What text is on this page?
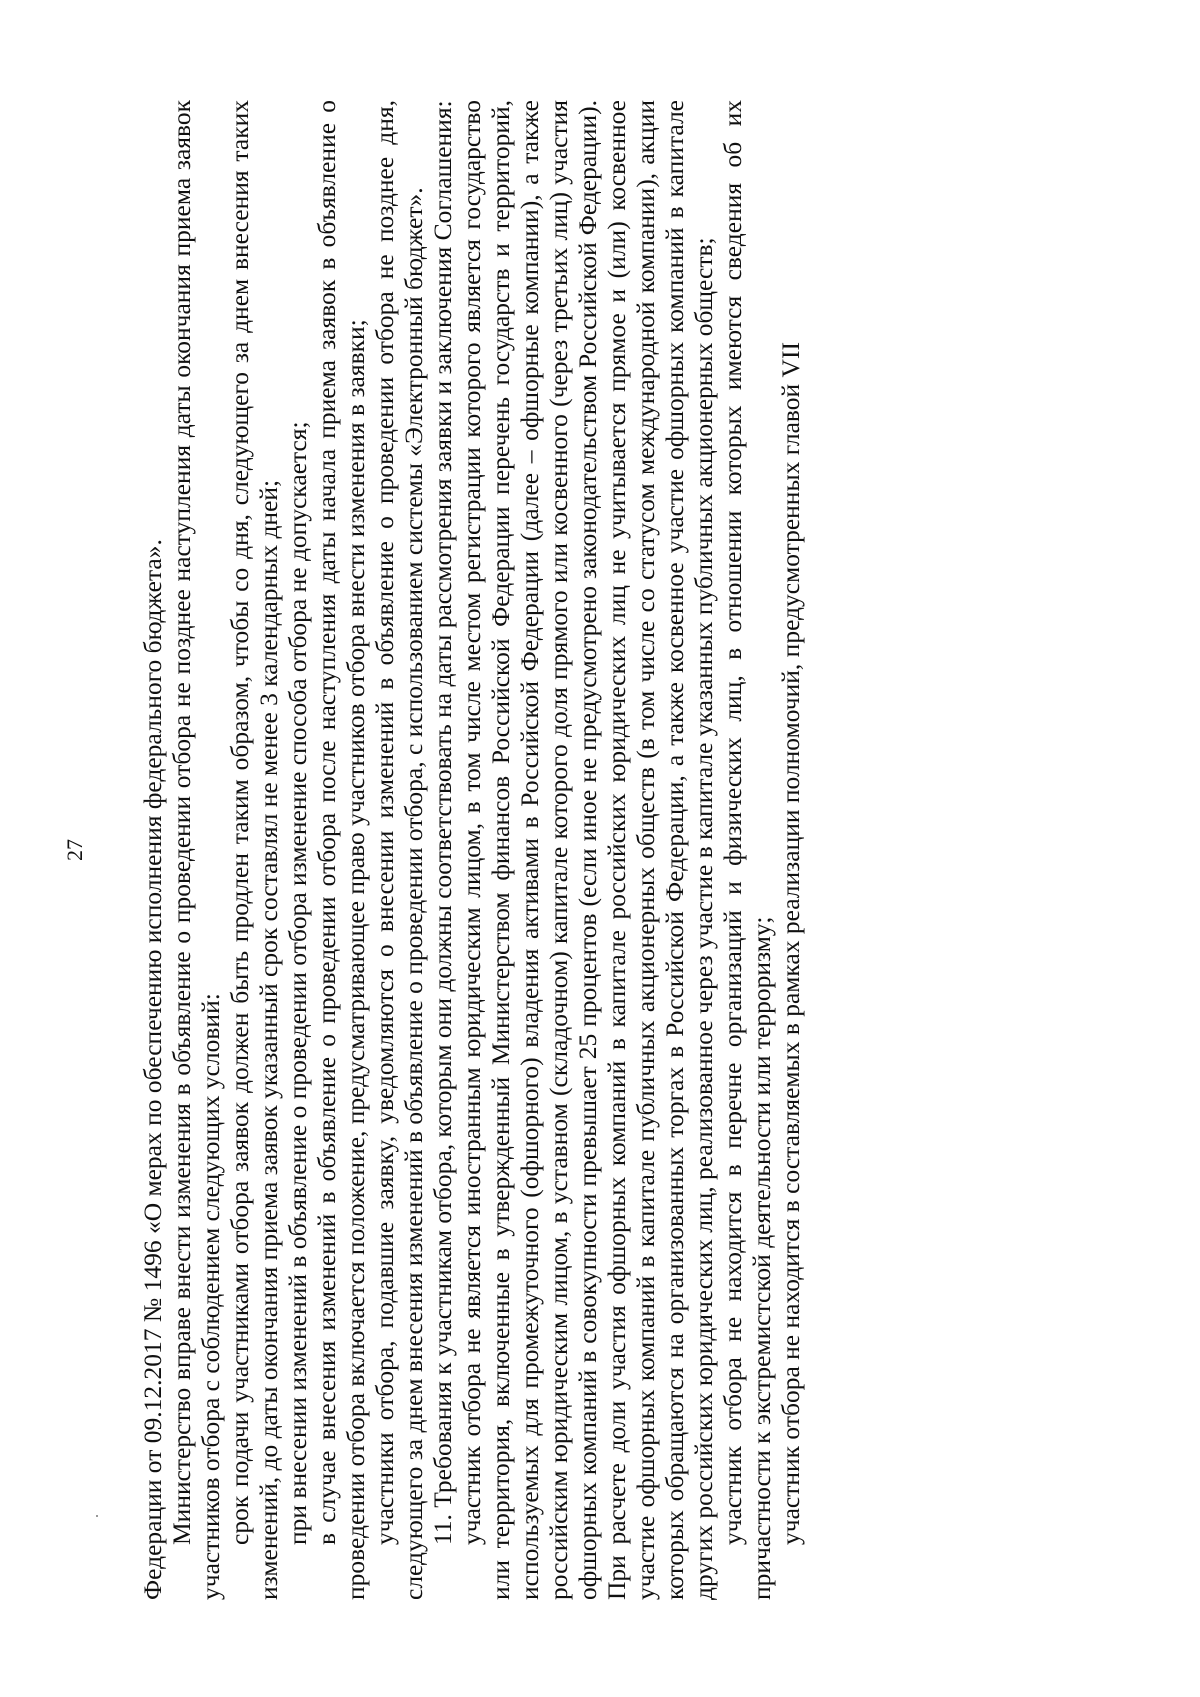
27 Федерации от 09.12.2017 № 1496 «О мерах по обеспечению исполнения федерального бюджета». Министерство вправе внести изменения в объявление о проведении отбора не позднее наступления даты окончания приема заявок участников отбора с соблюдением следующих условий: срок подачи участниками отбора заявок должен быть продлен таким образом, чтобы со дня, следующего за днем внесения таких изменений, до даты окончания приема заявок указанный срок составлял не менее 3 календарных дней; при внесении изменений в объявление о проведении отбора изменение способа отбора не допускается; в случае внесения изменений в объявление о проведении отбора после наступления даты начала приема заявок в объявление о проведении отбора включается положение, предусматривающее право участников отбора внести изменения в заявки; участники отбора, подавшие заявку, уведомляются о внесении изменений в объявление о проведении отбора не позднее дня, следующего за днем внесения изменений в объявление о проведении отбора, с использованием системы «Электронный бюджет». 11. Требования к участникам отбора, которым они должны соответствовать на даты рассмотрения заявки и заключения Соглашения: участник отбора не является иностранным юридическим лицом, в том числе местом регистрации которого является государство или территория, включенные в утвержденный Министерством финансов Российской Федерации перечень государств и территорий, используемых для промежуточного (офшорного) владения активами в Российской Федерации (далее – офшорные компании), а также российским юридическим лицом, в уставном (складочном) капитале которого доля прямого или косвенного (через третьих лиц) участия офшорных компаний в совокупности превышает 25 процентов (если иное не предусмотрено законодательством Российской Федерации). При расчете доли участия офшорных компаний в капитале российских юридических лиц не учитывается прямое и (или) косвенное участие офшорных компаний в капитале публичных акционерных обществ (в том числе со статусом международной компании), акции которых обращаются на организованных торгах в Российской Федерации, а также косвенное участие офшорных компаний в капитале других российских юридических лиц, реализованное через участие в капитале указанных публичных акционерных обществ; участник отбора не находится в перечне организаций и физических лиц, в отношении которых имеются сведения об их причастности к экстремистской деятельности или терроризму; участник отбора не находится в составляемых в рамках реализации полномочий, предусмотренных главой VII
